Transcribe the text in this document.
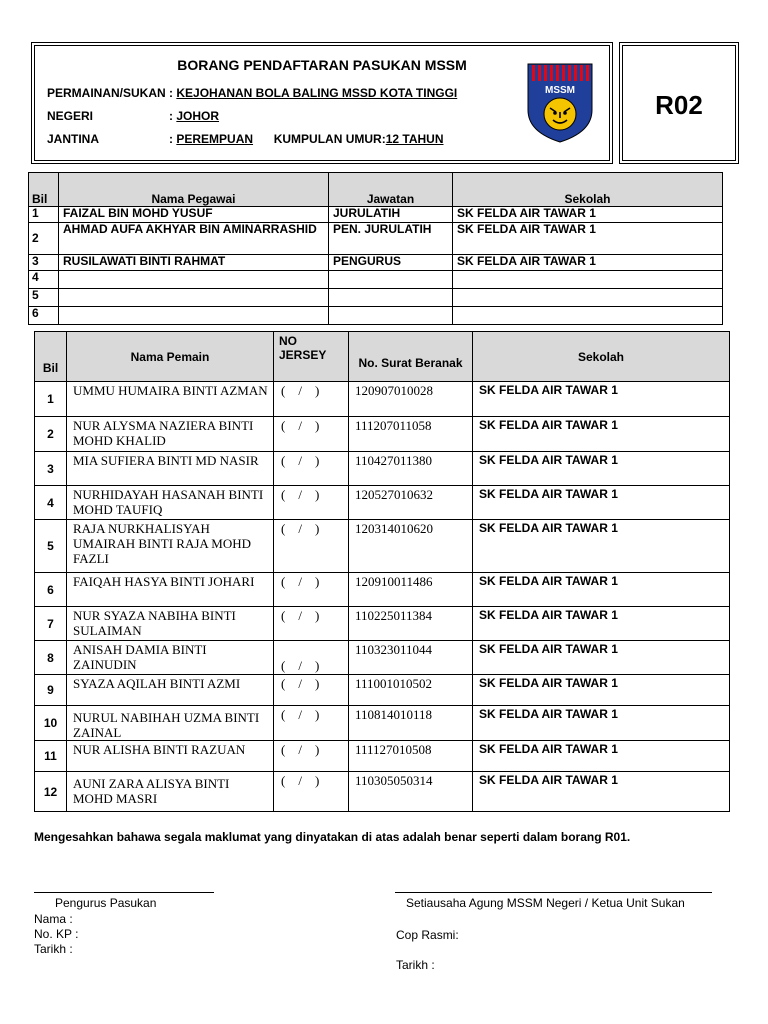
BORANG PENDAFTARAN PASUKAN MSSM
PERMAINAN/SUKAN : KEJOHANAN BOLA BALING MSSD KOTA TINGGI
NEGERI	: JOHOR
JANTINA	: PEREMPUAN KUMPULAN UMUR:12 TAHUN
MSSM	R02
Bil	Nama Pegawai	Jawatan	Sekolah
1	FAIZAL BIN MOHD YUSUF	JURULATIH	SK FELDA AIR TAWAR 1
2	AHMAD AUFA AKHYAR BIN AMINARRASHID	PEN. JURULATIH	SK FELDA AIR TAWAR 1
3	RUSILAWATI BINTI RAHMAT	PENGURUS	SK FELDA AIR TAWAR 1
4			
5			
6			
Bil	Nama Pemain	NO JERSEY	No. Surat Beranak	Sekolah
1	UMMU HUMAIRA BINTI AZMAN	(    /    )	120907010028	SK FELDA AIR TAWAR 1
2	NUR ALYSMA NAZIERA BINTI MOHD KHALID	(    /    )	111207011058	SK FELDA AIR TAWAR 1
3	MIA SUFIERA BINTI MD NASIR	(    /    )	110427011380	SK FELDA AIR TAWAR 1
4	NURHIDAYAH HASANAH BINTI MOHD TAUFIQ	(    /    )	120527010632	SK FELDA AIR TAWAR 1
5	RAJA NURKHALISYAH UMAIRAH BINTI RAJA MOHD FAZLI	(    /    )	120314010620	SK FELDA AIR TAWAR 1
6	FAIQAH HASYA BINTI JOHARI	(    /    )	120910011486	SK FELDA AIR TAWAR 1
7	NUR SYAZA NABIHA BINTI SULAIMAN	(    /    )	110225011384	SK FELDA AIR TAWAR 1
8	ANISAH DAMIA BINTI ZAINUDIN	(    /    )	110323011044	SK FELDA AIR TAWAR 1
9	SYAZA AQILAH BINTI AZMI	(    /    )	111001010502	SK FELDA AIR TAWAR 1
10	NURUL NABIHAH UZMA BINTI ZAINAL	(    /    )	110814010118	SK FELDA AIR TAWAR 1
11	NUR ALISHA BINTI RAZUAN	(    /    )	111127010508	SK FELDA AIR TAWAR 1
12	AUNI ZARA ALISYA BINTI MOHD MASRI	(    /    )	110305050314	SK FELDA AIR TAWAR 1
Mengesahkan bahawa segala maklumat yang dinyatakan di atas adalah benar seperti dalam borang R01.
Pengurus Pasukan
Nama :
No. KP :
Tarikh :
Setiausaha Agung MSSM Negeri / Ketua Unit Sukan
Cop Rasmi:
Tarikh :
